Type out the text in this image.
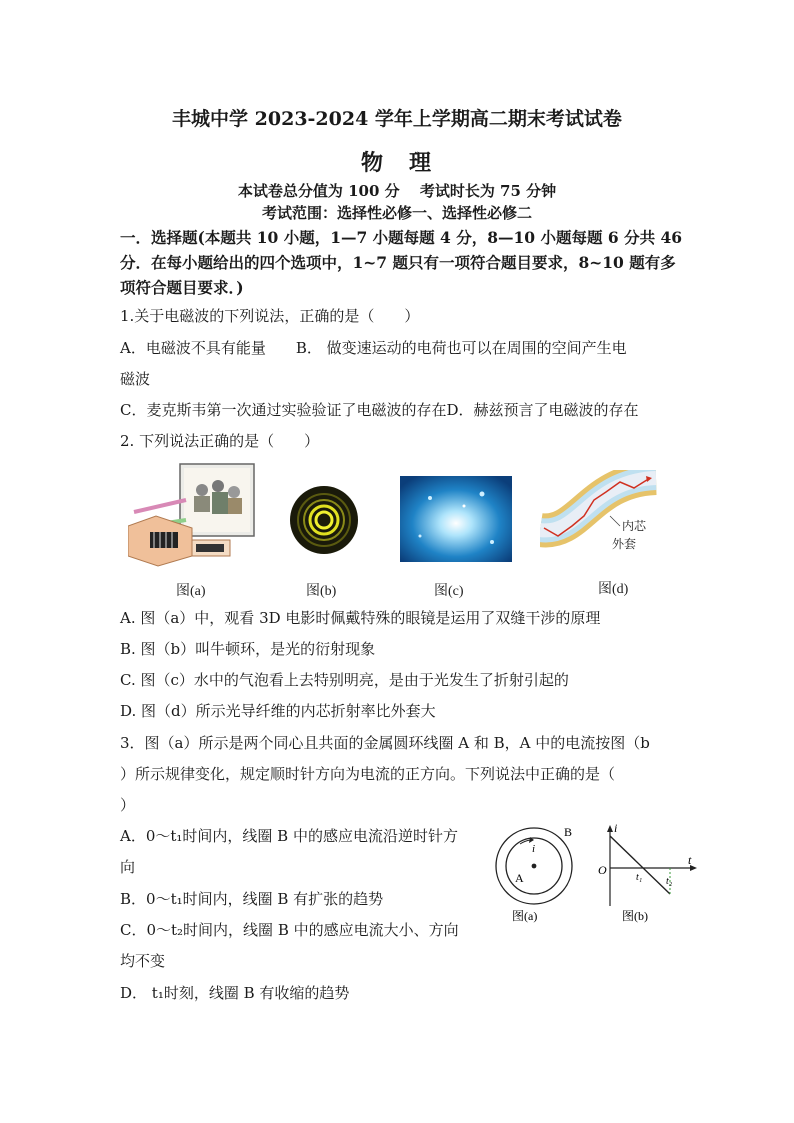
丰城中学 2023-2024 学年上学期高二期末考试试卷
物　理
本试卷总分值为 100 分　 考试时长为 75 分钟
考试范围：选择性必修一、选择性必修二
一．选择题(本题共 10 小题，1—7 小题每题 4 分，8—10 小题每题 6 分共 46
分．在每小题给出的四个选项中，1~7 题只有一项符合题目要求，8~10 题有多
项符合题目要求．)
1.关于电磁波的下列说法，正确的是（　　）
A．电磁波不具有能量　　B． 做变速运动的电荷也可以在周围的空间产生电
磁波
C．麦克斯韦第一次通过实验验证了电磁波的存在D．赫兹预言了电磁波的存在
2. 下列说法正确的是（　　）
图(a)	图(b)	图(c)
内芯
外套
图(d)
A. 图（a）中，观看 3D 电影时佩戴特殊的眼镜是运用了双缝干涉的原理
B. 图（b）叫牛顿环，是光的衍射现象
C. 图（c）水中的气泡看上去特别明亮，是由于光发生了折射引起的
D. 图（d）所示光导纤维的内芯折射率比外套大
3．图（a）所示是两个同心且共面的金属圆环线圈 A 和 B，A 中的电流按图（b
）所示规律变化，规定顺时针方向为电流的正方向。下列说法中正确的是（
）
A．0～t₁时间内，线圈 B 中的感应电流沿逆时针方
向
B．0～t₁时间内，线圈 B 有扩张的趋势
C．0～t₂时间内，线圈 B 中的感应电流大小、方向
均不变
D． t₁时刻，线圈 B 有收缩的趋势
B
i
A
图(a)
i
t
O
t₁ t₂
图(b)
